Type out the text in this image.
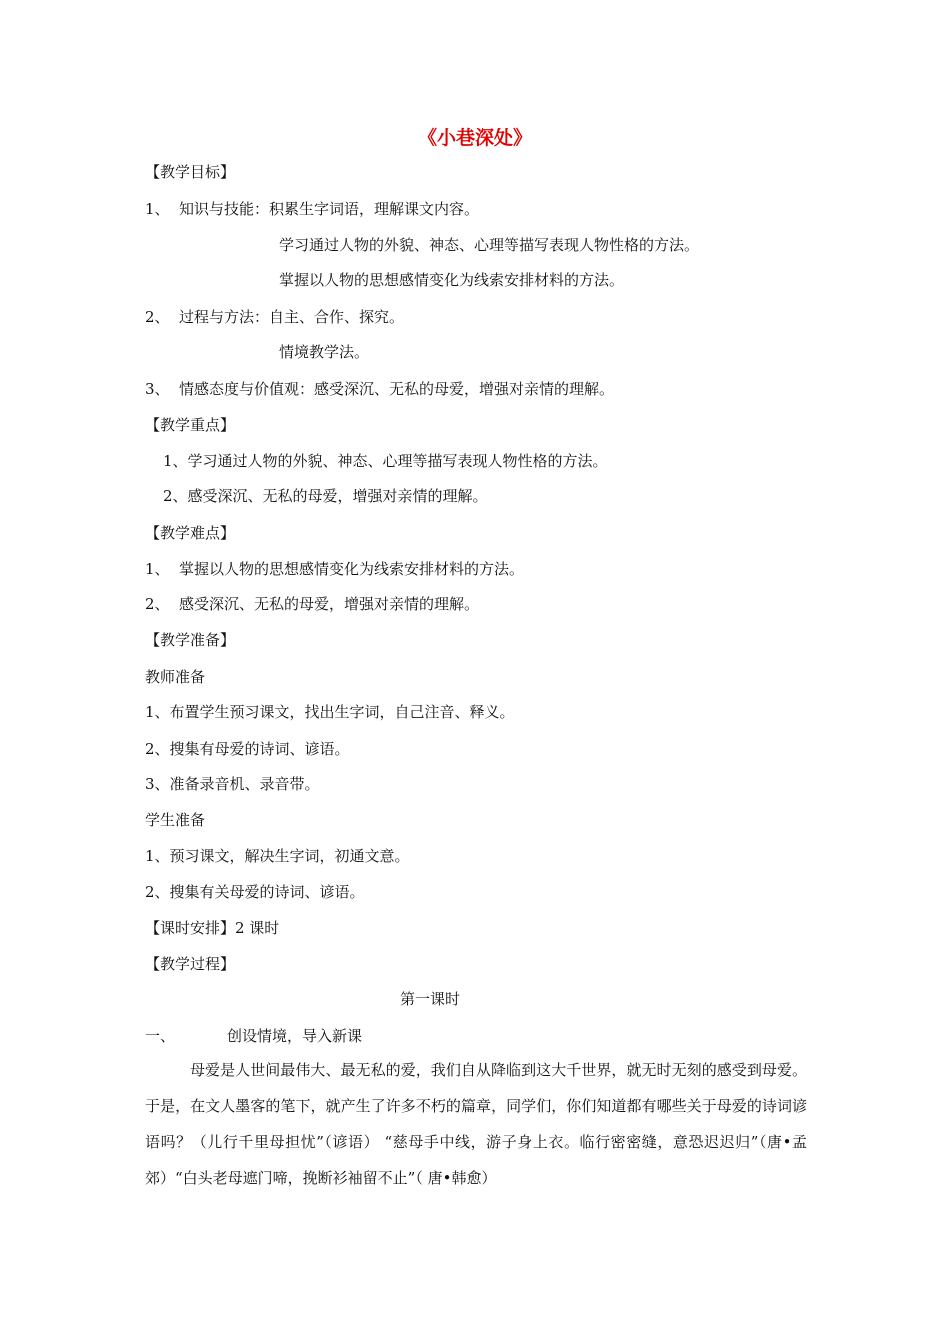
《小巷深处》
【教学目标】
1、 知识与技能：积累生字词语，理解课文内容。
学习通过人物的外貌、神态、心理等描写表现人物性格的方法。
掌握以人物的思想感情变化为线索安排材料的方法。
2、 过程与方法：自主、合作、探究。
情境教学法。
3、 情感态度与价值观：感受深沉、无私的母爱，增强对亲情的理解。
【教学重点】
1、学习通过人物的外貌、神态、心理等描写表现人物性格的方法。
2、感受深沉、无私的母爱，增强对亲情的理解。
【教学难点】
1、 掌握以人物的思想感情变化为线索安排材料的方法。
2、 感受深沉、无私的母爱，增强对亲情的理解。
【教学准备】
教师准备
1、布置学生预习课文，找出生字词，自己注音、释义。
2、搜集有母爱的诗词、谚语。
3、准备录音机、录音带。
学生准备
1、预习课文，解决生字词，初通文意。
2、搜集有关母爱的诗词、谚语。
【课时安排】2 课时
【教学过程】
第一课时
一、	创设情境，导入新课
母爱是人世间最伟大、最无私的爱，我们自从降临到这大千世界，就无时无刻的感受到母爱。于是，在文人墨客的笔下，就产生了许多不朽的篇章，同学们，你们知道都有哪些关于母爱的诗词谚语吗？（儿行千里母担忧”（谚语） “慈母手中线，游子身上衣。临行密密缝，意恐迟迟归”（唐•孟郊）“白头老母遮门啼，挽断衫袖留不止”（ 唐•韩愈）
